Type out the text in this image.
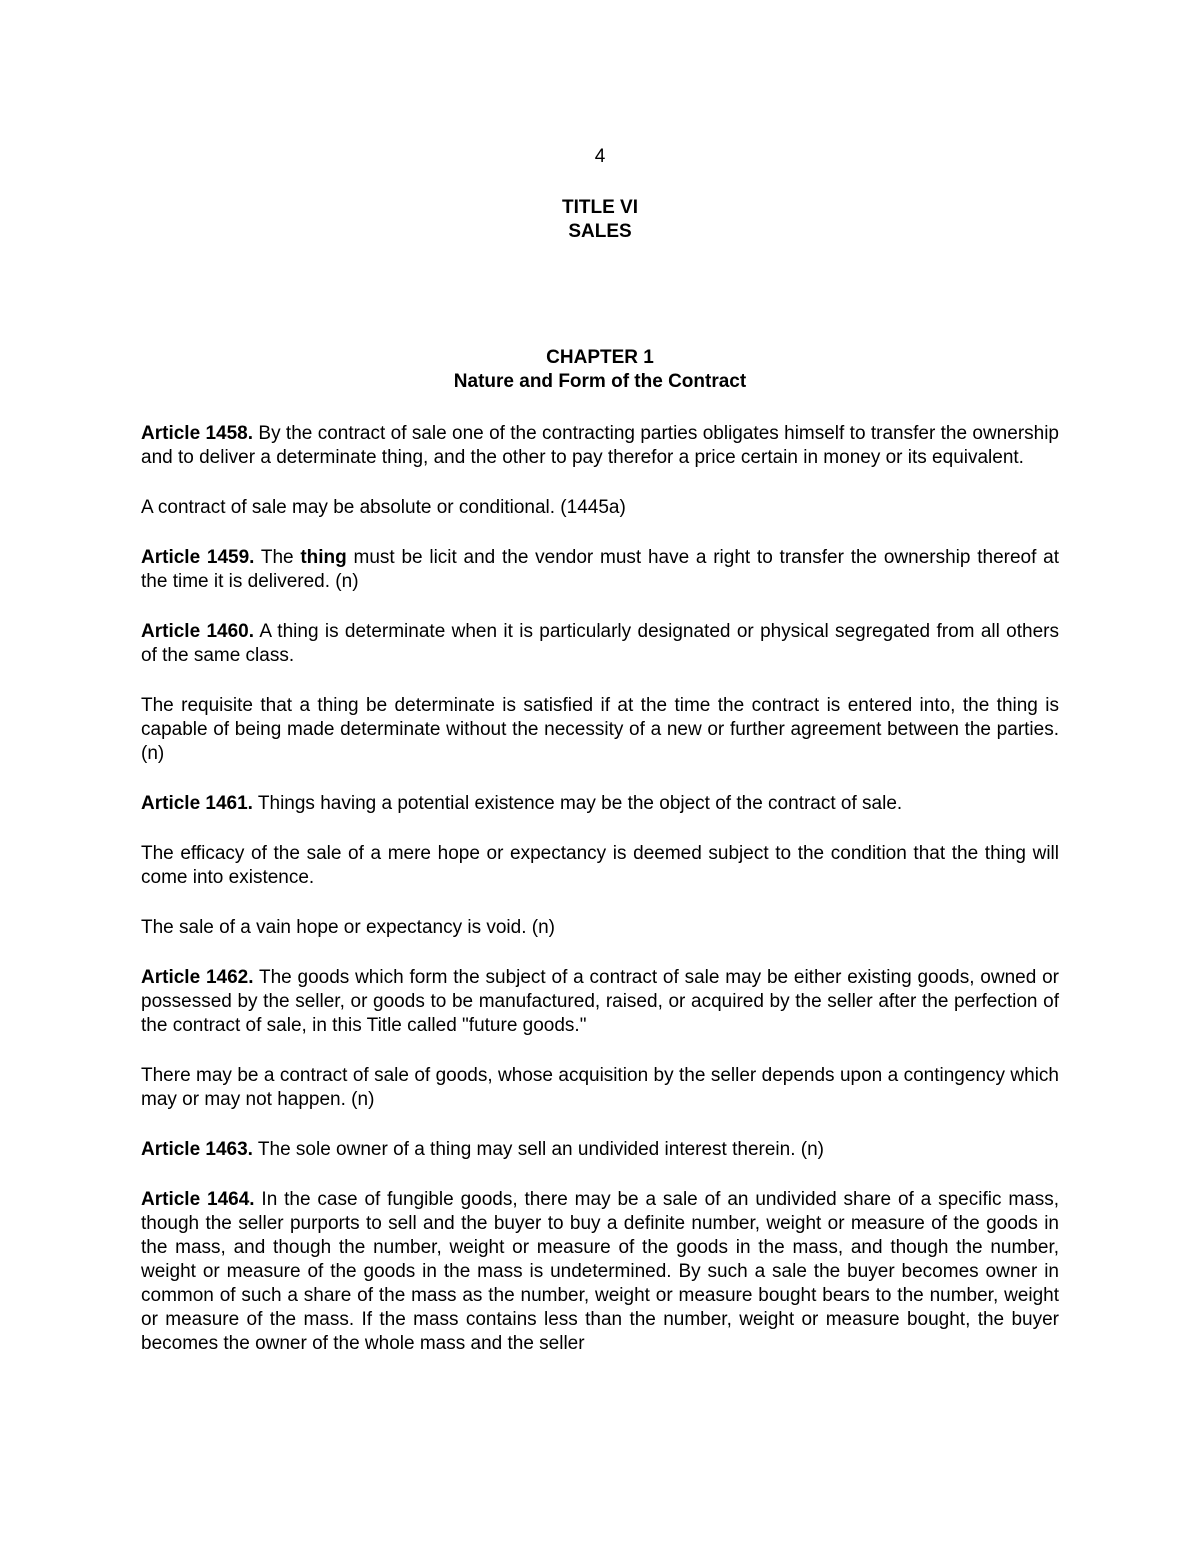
4
TITLE VI
SALES
CHAPTER 1
Nature and Form of the Contract

Article 1458. By the contract of sale one of the contracting parties obligates himself to transfer the ownership and to deliver a determinate thing, and the other to pay therefor a price certain in money or its equivalent.

A contract of sale may be absolute or conditional. (1445a)

Article 1459. The thing must be licit and the vendor must have a right to transfer the ownership thereof at the time it is delivered. (n)

Article 1460. A thing is determinate when it is particularly designated or physical segregated from all others of the same class.

The requisite that a thing be determinate is satisfied if at the time the contract is entered into, the thing is capable of being made determinate without the necessity of a new or further agreement between the parties. (n)

Article 1461. Things having a potential existence may be the object of the contract of sale.

The efficacy of the sale of a mere hope or expectancy is deemed subject to the condition that the thing will come into existence.

The sale of a vain hope or expectancy is void. (n)

Article 1462. The goods which form the subject of a contract of sale may be either existing goods, owned or possessed by the seller, or goods to be manufactured, raised, or acquired by the seller after the perfection of the contract of sale, in this Title called "future goods."

There may be a contract of sale of goods, whose acquisition by the seller depends upon a contingency which may or may not happen. (n)

Article 1463. The sole owner of a thing may sell an undivided interest therein. (n)

Article 1464. In the case of fungible goods, there may be a sale of an undivided share of a specific mass, though the seller purports to sell and the buyer to buy a definite number, weight or measure of the goods in the mass, and though the number, weight or measure of the goods in the mass, and though the number, weight or measure of the goods in the mass is undetermined. By such a sale the buyer becomes owner in common of such a share of the mass as the number, weight or measure bought bears to the number, weight or measure of the mass. If the mass contains less than the number, weight or measure bought, the buyer becomes the owner of the whole mass and the seller
